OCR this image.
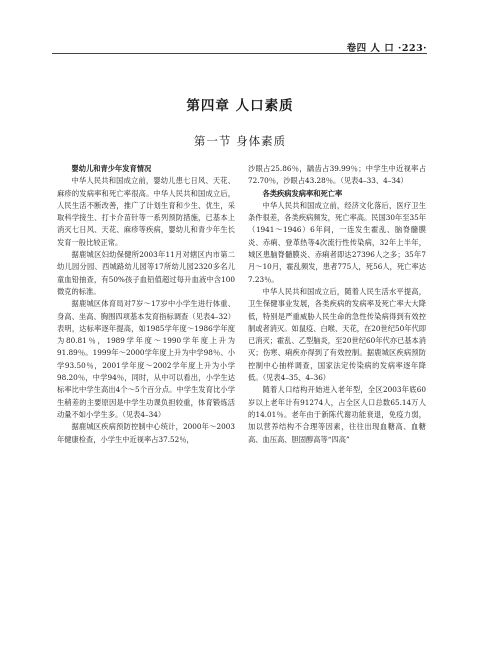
卷四 人 口 ·223·
第四章 人口素质
第一节 身体素质

婴幼儿和青少年发育情况

中华人民共和国成立前，婴幼儿患七日风、天花、麻疹的发病率和死亡率很高。中华人民共和国成立后，人民生活不断改善，推广了计划生育和少生、优生，采取科学接生、打卡介苗针等一系列预防措施，已基本上消灭七日风、天花、麻疹等疾病，婴幼儿和青少年生长发育一般比较正常。

据鹿城区妇幼保健所2003年11月对辖区内市第二幼儿园分园、西城路幼儿园等17所幼儿园2320多名儿童血铅抽查，有50%孩子血铅值超过每升血液中含100微克的标准。

据鹿城区体育局对7岁～17岁中小学生进行体重、身高、坐高、胸围四项基本发育指标调查（见表4–32）表明，达标率逐年提高，如1985学年度～1986学年度为80.81％，1989学年度～1990学年度上升为91.89％。1999年～2000学年度上升为中学98％、小学93.50％，2001学年度～2002学年度上升为小学98.20％，中学94％，同时，从中可以看出，小学生达标率比中学生高出4个～5个百分点。中学生发育比小学生稍差的主要原因是中学生功课负担较重，体育锻炼活动量不如小学生多。（见表4–34）

据鹿城区疾病预防控制中心统计，2000年～2003年健康检查，小学生中近视率占37.52％，

沙眼占25.86％，龋齿占39.99％；中学生中近视率占72.70％，沙眼占43.28％。（见表4–33、4–34）

各类疾病发病率和死亡率

中华人民共和国成立前，经济文化落后，医疗卫生条件很差，各类疾病频发，死亡率高。民国30年至35年（1941～1946）6年间，一连发生霍乱、脑脊髓膜炎、赤痢、登革热等4次流行性传染病，32年上半年，城区患脑脊髓膜炎、赤痢者即达27396人之多；35年7月～10月，霍乱频发，患者775人，死56人，死亡率达7.23％。

中华人民共和国成立后，随着人民生活水平提高，卫生保健事业发展，各类疾病的发病率及死亡率大大降低，特别是严重威胁人民生命的急性传染病得到有效控制或者消灭。如鼠疫、白喉、天花，在20世纪50年代即已消灭；霍乱、乙型脑炎，至20世纪60年代亦已基本消灭；伤寒、痢疾亦得到了有效控制。据鹿城区疾病预防控制中心抽样调查，国家法定传染病的发病率逐年降低。（见表4–35、4–36）

随着人口结构开始进入老年型，全区2003年底60岁以上老年计有91274人，占全区人口总数65.14万人的14.01％。老年由于新陈代谢功能衰退，免疫力弱，加以营养结构不合理等因素，往往出现血糖高、血糖高、血压高、胆固醇高等“四高”
